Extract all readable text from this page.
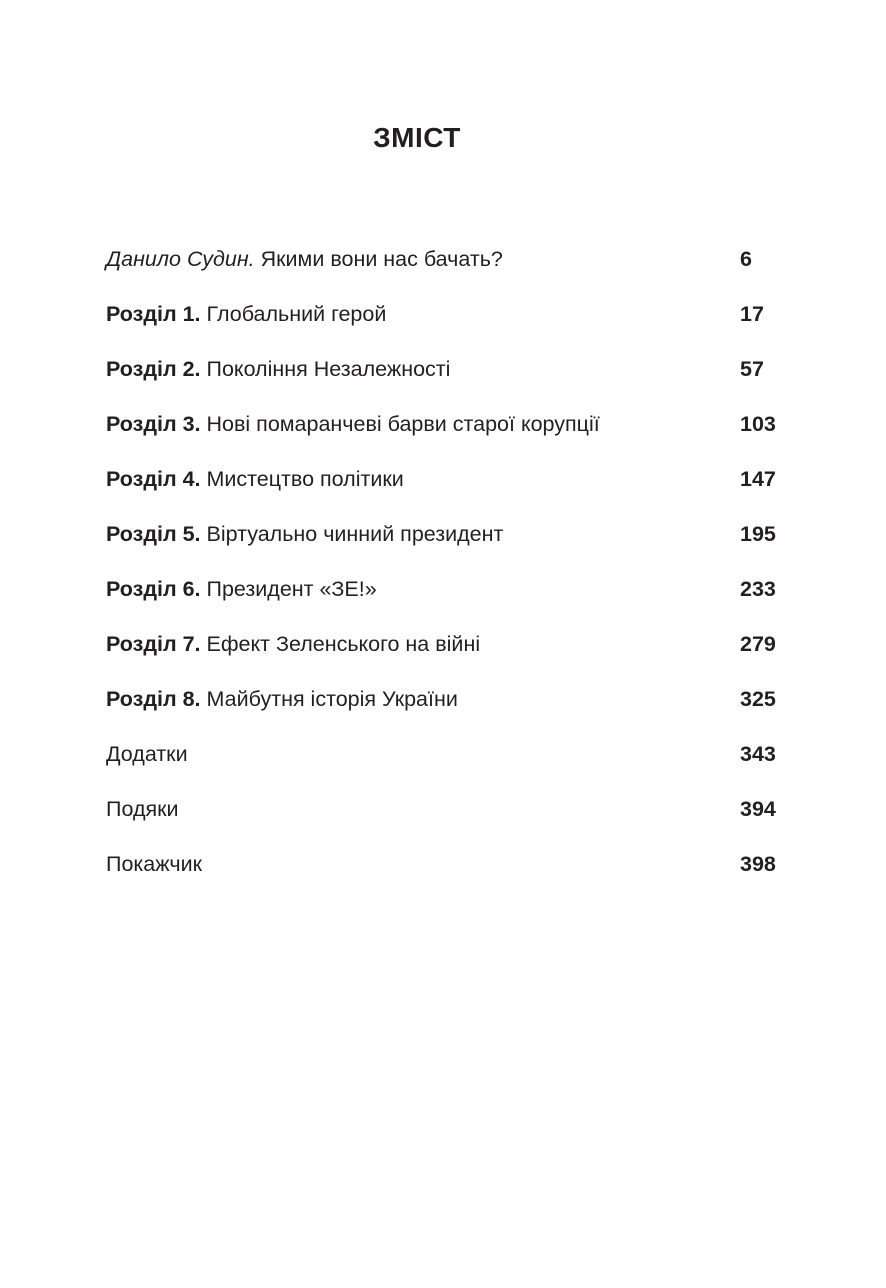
ЗМІСТ
Данило Судин. Якими вони нас бачать?	6
Розділ 1. Глобальний герой	17
Розділ 2. Покоління Незалежності	57
Розділ 3. Нові помаранчеві барви старої корупції	103
Розділ 4. Мистецтво політики	147
Розділ 5. Віртуально чинний президент	195
Розділ 6. Президент «ЗЕ!»	233
Розділ 7. Ефект Зеленського на війні	279
Розділ 8. Майбутня історія України	325
Додатки	343
Подяки	394
Покажчик	398
